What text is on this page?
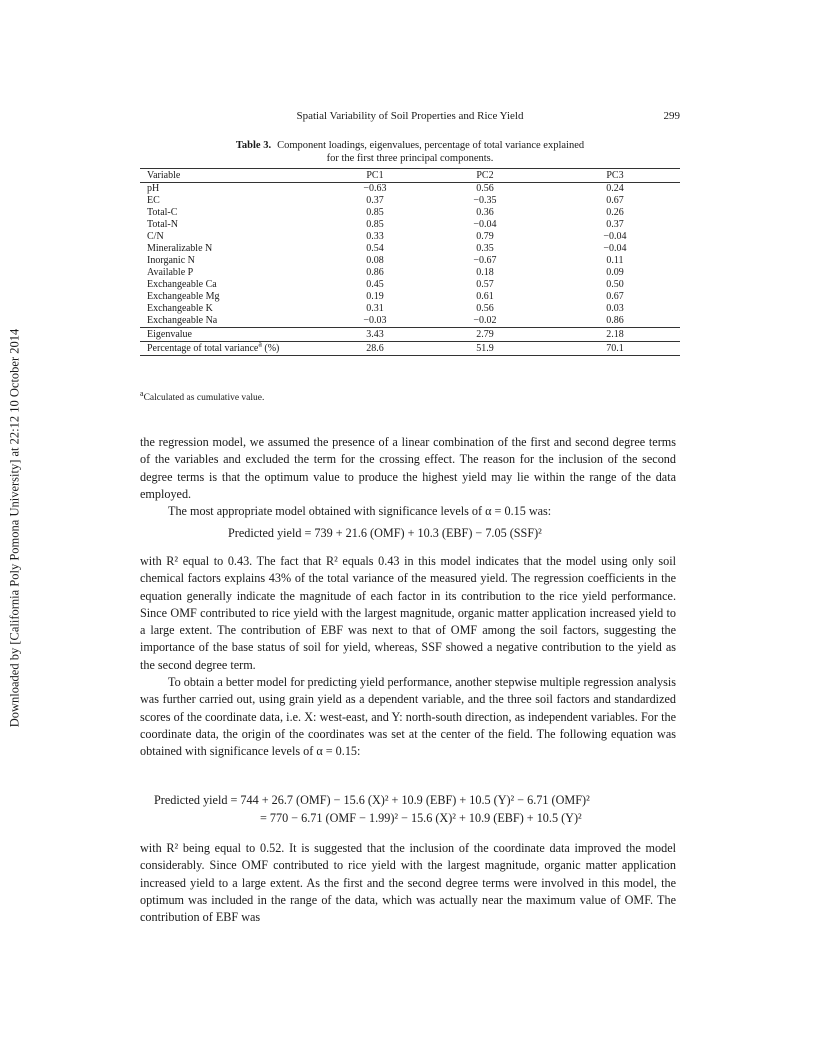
Downloaded by [California Poly Pomona University] at 22:12 10 October 2014
Spatial Variability of Soil Properties and Rice Yield	299
Table 3. Component loadings, eigenvalues, percentage of total variance explained
for the first three principal components.
Variable	PC1	PC2	PC3
pH	−0.63	0.56	0.24
EC	0.37	−0.35	0.67
Total-C	0.85	0.36	0.26
Total-N	0.85	−0.04	0.37
C/N	0.33	0.79	−0.04
Mineralizable N	0.54	0.35	−0.04
Inorganic N	0.08	−0.67	0.11
Available P	0.86	0.18	0.09
Exchangeable Ca	0.45	0.57	0.50
Exchangeable Mg	0.19	0.61	0.67
Exchangeable K	0.31	0.56	0.03
Exchangeable Na	−0.03	−0.02	0.86
Eigenvalue	3.43	2.79	2.18
Percentage of total variance$^a$ (%)	28.6	51.9	70.1
$^a$Calculated as cumulative value.

the regression model, we assumed the presence of a linear combination of the first and second degree terms of the variables and excluded the term for the crossing effect. The reason for the inclusion of the second degree terms is that the optimum value to produce the highest yield may lie within the range of the data employed.

The most appropriate model obtained with significance levels of α = 0.15 was:

Predicted yield = 739 + 21.6 (OMF) + 10.3 (EBF) − 7.05 (SSF)²

with R² equal to 0.43. The fact that R² equals 0.43 in this model indicates that the model using only soil chemical factors explains 43% of the total variance of the measured yield. The regression coefficients in the equation generally indicate the magnitude of each factor in its contribution to the rice yield performance. Since OMF contributed to rice yield with the largest magnitude, organic matter application increased yield to a large extent. The contribution of EBF was next to that of OMF among the soil factors, suggesting the importance of the base status of soil for yield, whereas, SSF showed a negative contribution to the yield as the second degree term.

To obtain a better model for predicting yield performance, another stepwise multiple regression analysis was further carried out, using grain yield as a dependent variable, and the three soil factors and standardized scores of the coordinate data, i.e. X: west-east, and Y: north-south direction, as independent variables. For the coordinate data, the origin of the coordinates was set at the center of the field. The following equation was obtained with significance levels of α = 0.15:

Predicted yield = 744 + 26.7 (OMF) − 15.6 (X)² + 10.9 (EBF) + 10.5 (Y)² − 6.71 (OMF)²
= 770 − 6.71 (OMF − 1.99)² − 15.6 (X)² + 10.9 (EBF) + 10.5 (Y)²

with R² being equal to 0.52. It is suggested that the inclusion of the coordinate data improved the model considerably. Since OMF contributed to rice yield with the largest magnitude, organic matter application increased yield to a large extent. As the first and the second degree terms were involved in this model, the optimum was included in the range of the data, which was actually near the maximum value of OMF. The contribution of EBF was
